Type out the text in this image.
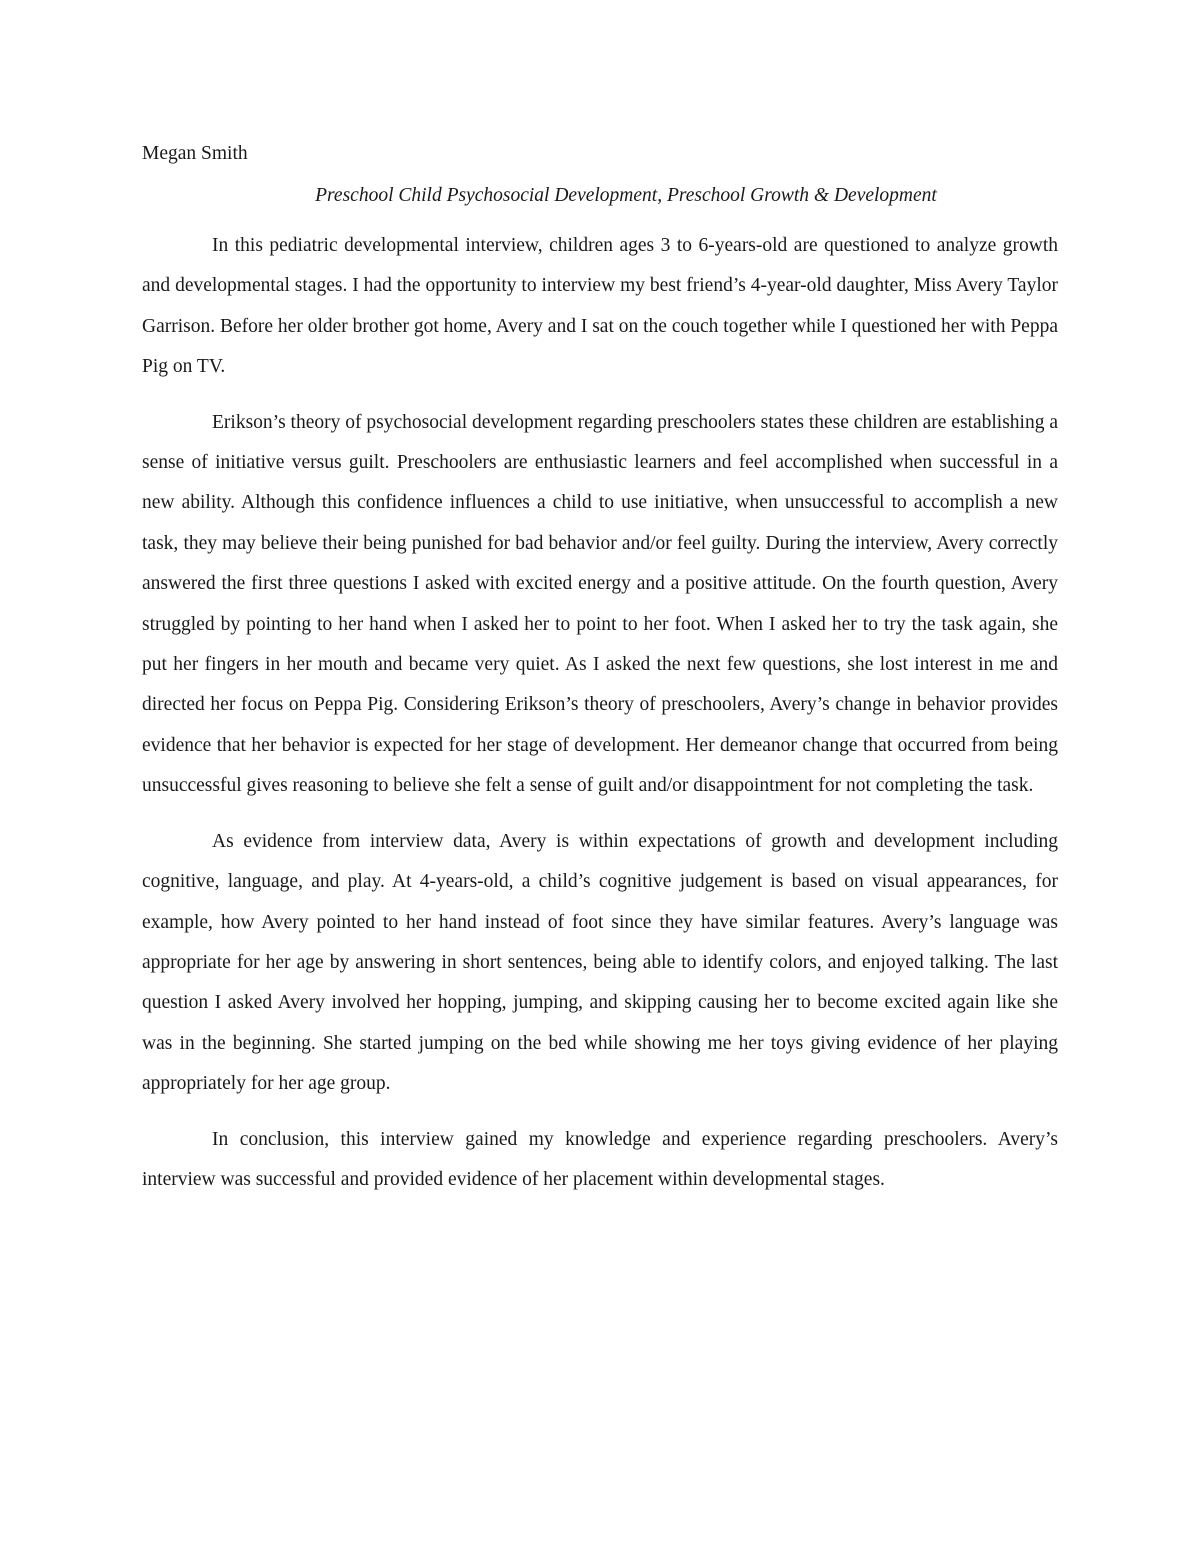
Megan Smith

Preschool Child Psychosocial Development, Preschool Growth & Development

In this pediatric developmental interview, children ages 3 to 6-years-old are questioned to analyze growth and developmental stages. I had the opportunity to interview my best friend’s 4-year-old daughter, Miss Avery Taylor Garrison. Before her older brother got home, Avery and I sat on the couch together while I questioned her with Peppa Pig on TV.

Erikson’s theory of psychosocial development regarding preschoolers states these children are establishing a sense of initiative versus guilt. Preschoolers are enthusiastic learners and feel accomplished when successful in a new ability. Although this confidence influences a child to use initiative, when unsuccessful to accomplish a new task, they may believe their being punished for bad behavior and/or feel guilty. During the interview, Avery correctly answered the first three questions I asked with excited energy and a positive attitude. On the fourth question, Avery struggled by pointing to her hand when I asked her to point to her foot. When I asked her to try the task again, she put her fingers in her mouth and became very quiet. As I asked the next few questions, she lost interest in me and directed her focus on Peppa Pig. Considering Erikson’s theory of preschoolers, Avery’s change in behavior provides evidence that her behavior is expected for her stage of development. Her demeanor change that occurred from being unsuccessful gives reasoning to believe she felt a sense of guilt and/or disappointment for not completing the task.

As evidence from interview data, Avery is within expectations of growth and development including cognitive, language, and play. At 4-years-old, a child’s cognitive judgement is based on visual appearances, for example, how Avery pointed to her hand instead of foot since they have similar features. Avery’s language was appropriate for her age by answering in short sentences, being able to identify colors, and enjoyed talking. The last question I asked Avery involved her hopping, jumping, and skipping causing her to become excited again like she was in the beginning. She started jumping on the bed while showing me her toys giving evidence of her playing appropriately for her age group.

In conclusion, this interview gained my knowledge and experience regarding preschoolers. Avery’s interview was successful and provided evidence of her placement within developmental stages.
